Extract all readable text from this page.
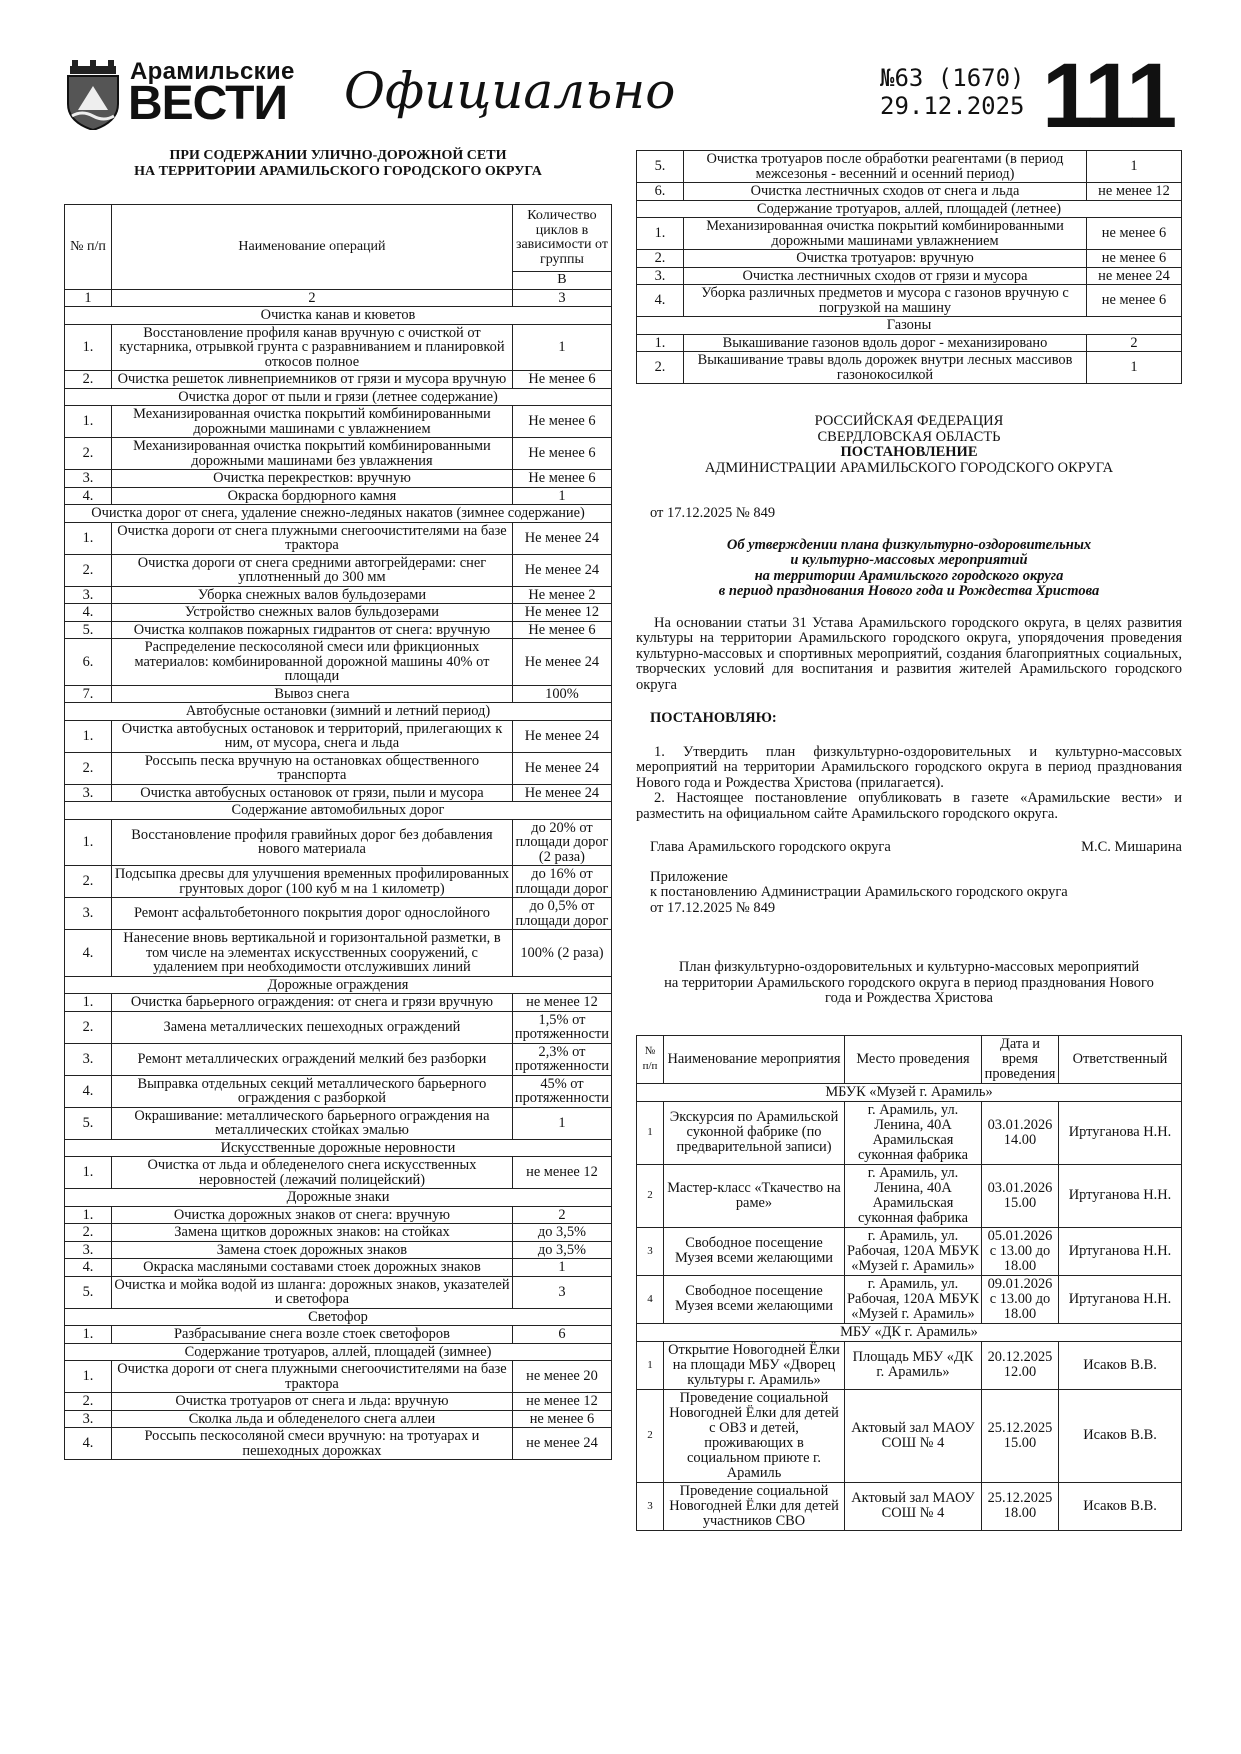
Арамильские
ВЕСТИ Официально	№63 (1670)
29.12.2025 111
ПРИ СОДЕРЖАНИИ УЛИЧНО-ДОРОЖНОЙ СЕТИ
НА ТЕРРИТОРИИ АРАМИЛЬСКОГО ГОРОДСКОГО ОКРУГА
№ п/п	Наименование операций	Количество циклов в зависимости от группы
		В
1	2	3
Очистка канав и кюветов		
1.	Восстановление профиля канав вручную с очисткой от кустарника, отрывкой грунта с разравниванием и планировкой откосов полное	1
2.	Очистка решеток ливнеприемников от грязи и мусора вручную	Не менее 6
Очистка дорог от пыли и грязи (летнее содержание)		
1.	Механизированная очистка покрытий комбинированными дорожными машинами с увлажнением	Не менее 6
2.	Механизированная очистка покрытий комбинированными дорожными машинами без увлажнения	Не менее 6
3.	Очистка перекрестков: вручную	Не менее 6
4.	Окраска бордюрного камня	1
Очистка дорог от снега, удаление снежно-ледяных накатов (зимнее содержание)		
1.	Очистка дороги от снега плужными снегоочистителями на базе трактора	Не менее 24
2.	Очистка дороги от снега средними автогрейдерами: снег уплотненный до 300 мм	Не менее 24
3.	Уборка снежных валов бульдозерами	Не менее 2
4.	Устройство снежных валов бульдозерами	Не менее 12
5.	Очистка колпаков пожарных гидрантов от снега: вручную	Не менее 6
6.	Распределение пескосоляной смеси или фрикционных материалов: комбинированной дорожной машины 40% от площади	Не менее 24
7.	Вывоз снега	100%
Автобусные остановки (зимний и летний период)		
1.	Очистка автобусных остановок и территорий, прилегающих к ним, от мусора, снега и льда	Не менее 24
2.	Россыпь песка вручную на остановках общественного транспорта	Не менее 24
3.	Очистка автобусных остановок от грязи, пыли и мусора	Не менее 24
Содержание автомобильных дорог		
1.	Восстановление профиля гравийных дорог без добавления нового материала	до 20% от площади дорог (2 раза)
2.	Подсыпка дресвы для улучшения временных профилированных грунтовых дорог (100 куб м на 1 километр)	до 16% от площади дорог
3.	Ремонт асфальтобетонного покрытия дорог однослойного	до 0,5% от площади дорог
4.	Нанесение вновь вертикальной и горизонтальной разметки, в том числе на элементах искусственных сооружений, с удалением при необходимости отслуживших линий	100% (2 раза)
Дорожные ограждения		
1.	Очистка барьерного ограждения: от снега и грязи вручную	не менее 12
2.	Замена металлических пешеходных ограждений	1,5% от протяженности
3.	Ремонт металлических ограждений мелкий без разборки	2,3% от протяженности
4.	Выправка отдельных секций металлического барьерного ограждения с разборкой	45% от протяженности
5.	Окрашивание: металлического барьерного ограждения на металлических стойках эмалью	1
Искусственные дорожные неровности		
1.	Очистка от льда и обледенелого снега искусственных неровностей (лежачий полицейский)	не менее 12
Дорожные знаки		
1.	Очистка дорожных знаков от снега: вручную	2
2.	Замена щитков дорожных знаков: на стойках	до 3,5%
3.	Замена стоек дорожных знаков	до 3,5%
4.	Окраска масляными составами стоек дорожных знаков	1
5.	Очистка и мойка водой из шланга: дорожных знаков, указателей и светофора	3
Светофор		
1.	Разбрасывание снега возле стоек светофоров	6
Содержание тротуаров, аллей, площадей (зимнее)		
1.	Очистка дороги от снега плужными снегоочистителями на базе трактора	не менее 20
2.	Очистка тротуаров от снега и льда: вручную	не менее 12
3.	Сколка льда и обледенелого снега аллеи	не менее 6
4.	Россыпь пескосоляной смеси вручную: на тротуарах и пешеходных дорожках	не менее 24
5.	Очистка тротуаров после обработки реагентами (в период межсезонья - весенний и осенний период)	1
6.	Очистка лестничных сходов от снега и льда	не менее 12
Содержание тротуаров, аллей, площадей (летнее)		
1.	Механизированная очистка покрытий комбинированными дорожными машинами увлажнением	не менее 6
2.	Очистка тротуаров: вручную	не менее 6
3.	Очистка лестничных сходов от грязи и мусора	не менее 24
4.	Уборка различных предметов и мусора с газонов вручную с погрузкой на машину	не менее 6
Газоны		
1.	Выкашивание газонов вдоль дорог - механизировано	2
2.	Выкашивание травы вдоль дорожек внутри лесных массивов газонокосилкой	1
РОССИЙСКАЯ ФЕДЕРАЦИЯ
СВЕРДЛОВСКАЯ ОБЛАСТЬ
ПОСТАНОВЛЕНИЕ
АДМИНИСТРАЦИИ АРАМИЛЬСКОГО ГОРОДСКОГО ОКРУГА
от 17.12.2025 № 849
Об утверждении плана физкультурно-оздоровительных
и культурно-массовых мероприятий
на территории Арамильского городского округа
в период празднования Нового года и Рождества Христова
На основании статьи 31 Устава Арамильского городского округа, в целях развития культуры на территории Арамильского городского округа, упорядочения проведения культурно-массовых и спортивных мероприятий, создания благоприятных социальных, творческих условий для воспитания и развития жителей Арамильского городского округа
ПОСТАНОВЛЯЮ:
1. Утвердить план физкультурно-оздоровительных и культурно-массовых мероприятий на территории Арамильского городского округа в период празднования Нового года и Рождества Христова (прилагается).
2. Настоящее постановление опубликовать в газете «Арамильские вести» и разместить на официальном сайте Арамильского городского округа.
Глава Арамильского городского округа	М.С. Мишарина
Приложение
к постановлению Администрации Арамильского городского округа
от 17.12.2025 № 849
План физкультурно-оздоровительных и культурно-массовых мероприятий
на территории Арамильского городского округа в период празднования Нового года и Рождества Христова
№ п/п	Наименование мероприятия	Место проведения	Дата и время проведения	Ответственный
МБУК «Музей г. Арамиль»				
1	Экскурсия по Арамильской суконной фабрике (по предварительной записи)	г. Арамиль, ул. Ленина, 40А Арамильская суконная фабрика	03.01.2026 14.00	Иртуганова Н.Н.
2	Мастер-класс «Ткачество на раме»	г. Арамиль, ул. Ленина, 40А Арамильская суконная фабрика	03.01.2026 15.00	Иртуганова Н.Н.
3	Свободное посещение Музея всеми желающими	г. Арамиль, ул. Рабочая, 120А МБУК «Музей г. Арамиль»	05.01.2026 с 13.00 до 18.00	Иртуганова Н.Н.
4	Свободное посещение Музея всеми желающими	г. Арамиль, ул. Рабочая, 120А МБУК «Музей г. Арамиль»	09.01.2026 с 13.00 до 18.00	Иртуганова Н.Н.
МБУ «ДК г. Арамиль»				
1	Открытие Новогодней Ёлки на площади МБУ «Дворец культуры г. Арамиль»	Площадь МБУ «ДК г. Арамиль»	20.12.2025 12.00	Исаков В.В.
2	Проведение социальной Новогодней Ёлки для детей с ОВЗ и детей, проживающих в социальном приюте г. Арамиль	Актовый зал МАОУ СОШ № 4	25.12.2025 15.00	Исаков В.В.
3	Проведение социальной Новогодней Ёлки для детей участников СВО	Актовый зал МАОУ СОШ № 4	25.12.2025 18.00	Исаков В.В.
